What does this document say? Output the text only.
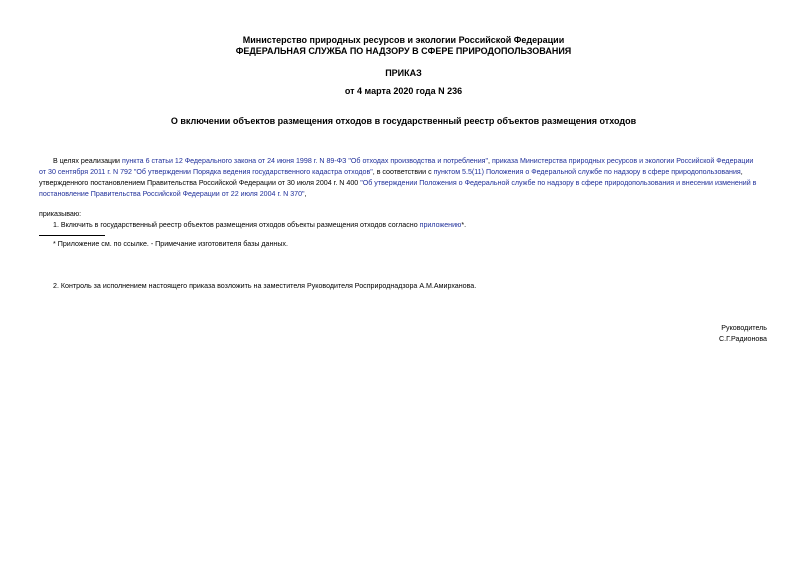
Министерство природных ресурсов и экологии Российской Федерации
ФЕДЕРАЛЬНАЯ СЛУЖБА ПО НАДЗОРУ В СФЕРЕ ПРИРОДОПОЛЬЗОВАНИЯ
ПРИКАЗ
от 4 марта 2020 года N 236
О включении объектов размещения отходов в государственный реестр объектов размещения отходов
В целях реализации пункта 6 статьи 12 Федерального закона от 24 июня 1998 г. N 89-ФЗ "Об отходах производства и потребления", приказа Министерства природных ресурсов и экологии Российской Федерации
от 30 сентября 2011 г. N 792 "Об утверждении Порядка ведения государственного кадастра отходов", в соответствии с пунктом 5.5(11) Положения о Федеральной службе по надзору в сфере природопользования,
утвержденного постановлением Правительства Российской Федерации от 30 июля 2004 г. N 400 "Об утверждении Положения о Федеральной службе по надзору в сфере природопользования и внесении изменений в
постановление Правительства Российской Федерации от 22 июля 2004 г. N 370",
приказываю:
1. Включить в государственный реестр объектов размещения отходов объекты размещения отходов согласно приложению*.
* Приложение см. по ссылке. - Примечание изготовителя базы данных.
2. Контроль за исполнением настоящего приказа возложить на заместителя Руководителя Росприроднадзора А.М.Амирханова.
Руководитель
С.Г.Радионова
